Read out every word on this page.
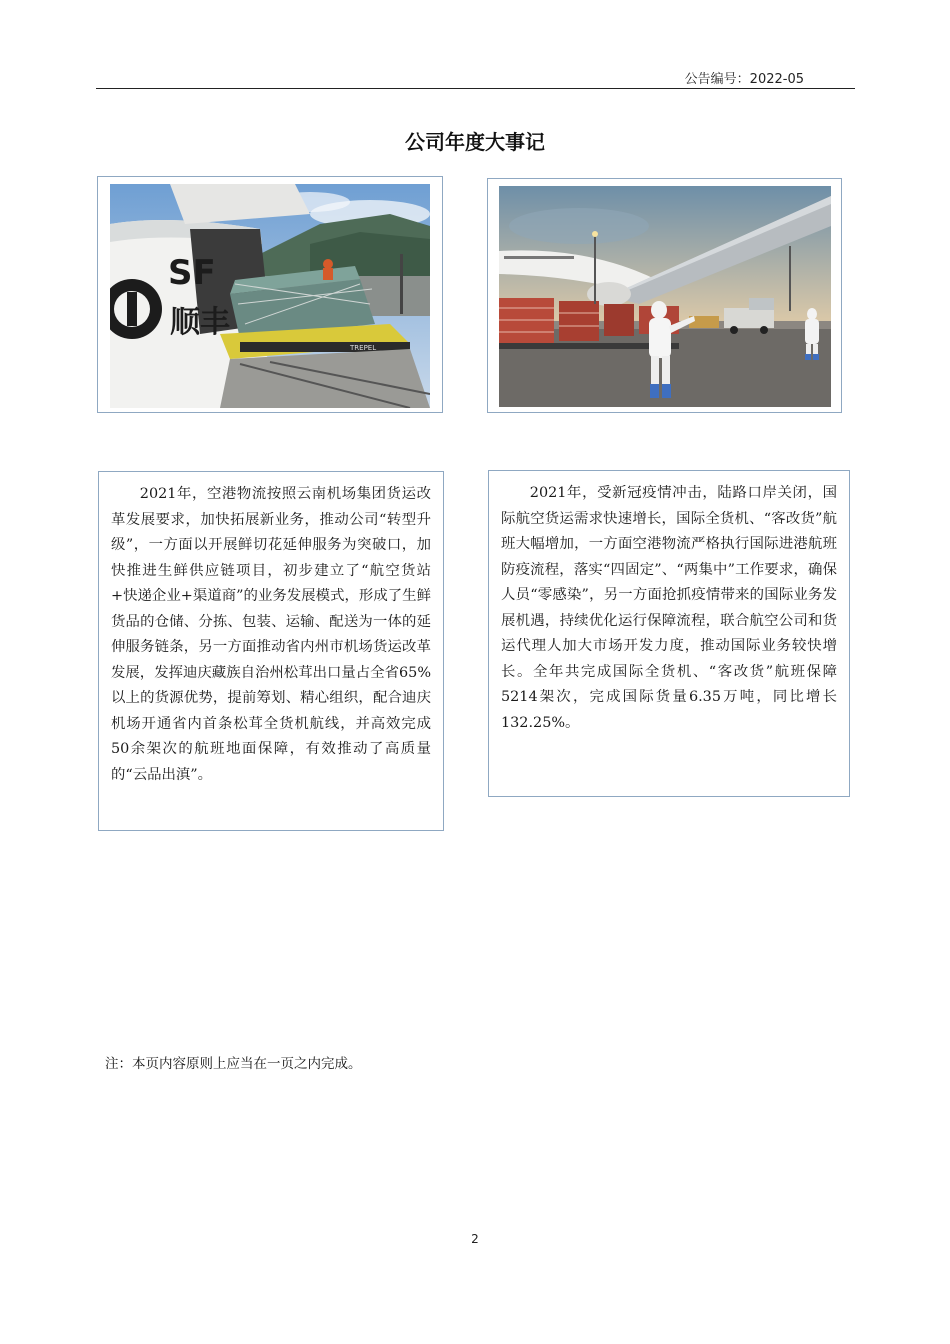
公告编号：2022-05
公司年度大事记
SF
顺丰
TREPEL
2021年，空港物流按照云南机场集团货运改革发展要求，加快拓展新业务，推动公司“转型升级”，一方面以开展鲜切花延伸服务为突破口，加快推进生鲜供应链项目，初步建立了“航空货站+快递企业+渠道商”的业务发展模式，形成了生鲜货品的仓储、分拣、包装、运输、配送为一体的延伸服务链条，另一方面推动省内州市机场货运改革发展，发挥迪庆藏族自治州松茸出口量占全省65%以上的货源优势，提前筹划、精心组织，配合迪庆机场开通省内首条松茸全货机航线，并高效完成50余架次的航班地面保障，有效推动了高质量的“云品出滇”。
2021年，受新冠疫情冲击，陆路口岸关闭，国际航空货运需求快速增长，国际全货机、“客改货”航班大幅增加，一方面空港物流严格执行国际进港航班防疫流程，落实“四固定”、“两集中”工作要求，确保人员“零感染”，另一方面抢抓疫情带来的国际业务发展机遇，持续优化运行保障流程，联合航空公司和货运代理人加大市场开发力度，推动国际业务较快增长。全年共完成国际全货机、“客改货”航班保障5214架次，完成国际货量6.35万吨，同比增长132.25%。
注：本页内容原则上应当在一页之内完成。
2
